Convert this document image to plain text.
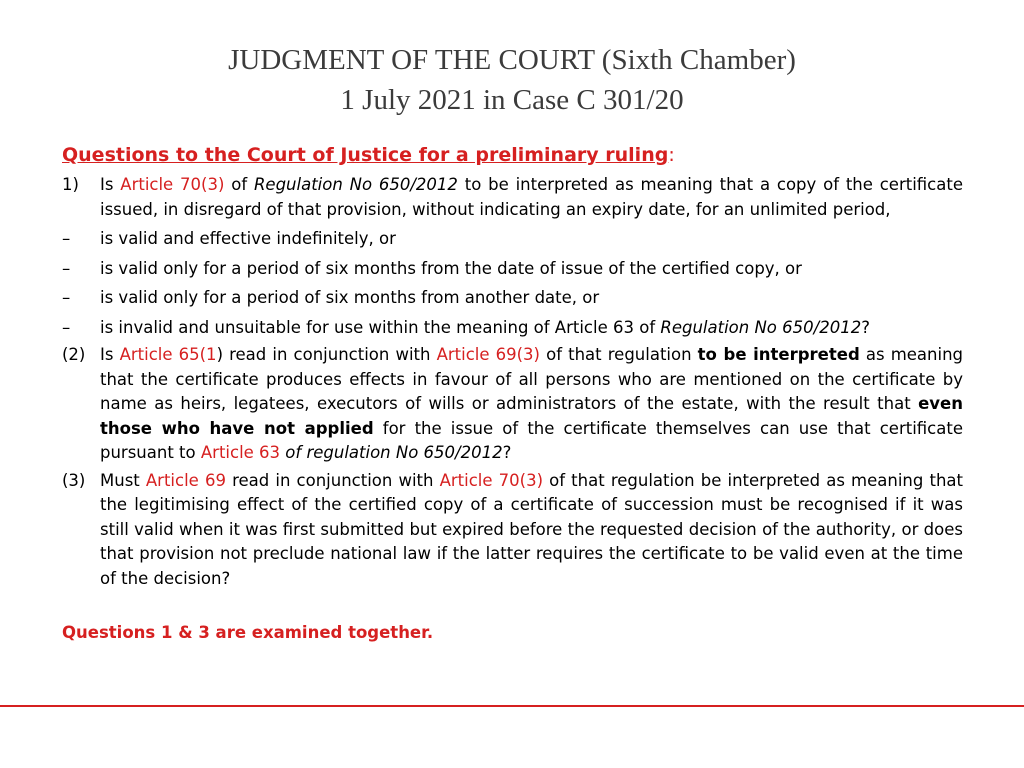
JUDGMENT OF THE COURT (Sixth Chamber)
1 July 2021 in Case C 301/20
Questions to the Court of Justice for a preliminary ruling:
1) Is Article 70(3) of Regulation No 650/2012 to be interpreted as meaning that a copy of the certificate issued, in disregard of that provision, without indicating an expiry date, for an unlimited period,
– is valid and effective indefinitely, or
– is valid only for a period of six months from the date of issue of the certified copy, or
– is valid only for a period of six months from another date, or
– is invalid and unsuitable for use within the meaning of Article 63 of Regulation No 650/2012?
(2) Is Article 65(1) read in conjunction with Article 69(3) of that regulation to be interpreted as meaning that the certificate produces effects in favour of all persons who are mentioned on the certificate by name as heirs, legatees, executors of wills or administrators of the estate, with the result that even those who have not applied for the issue of the certificate themselves can use that certificate pursuant to Article 63 of regulation No 650/2012?
(3) Must Article 69 read in conjunction with Article 70(3) of that regulation be interpreted as meaning that the legitimising effect of the certified copy of a certificate of succession must be recognised if it was still valid when it was first submitted but expired before the requested decision of the authority, or does that provision not preclude national law if the latter requires the certificate to be valid even at the time of the decision?
Questions 1 & 3 are examined together.
